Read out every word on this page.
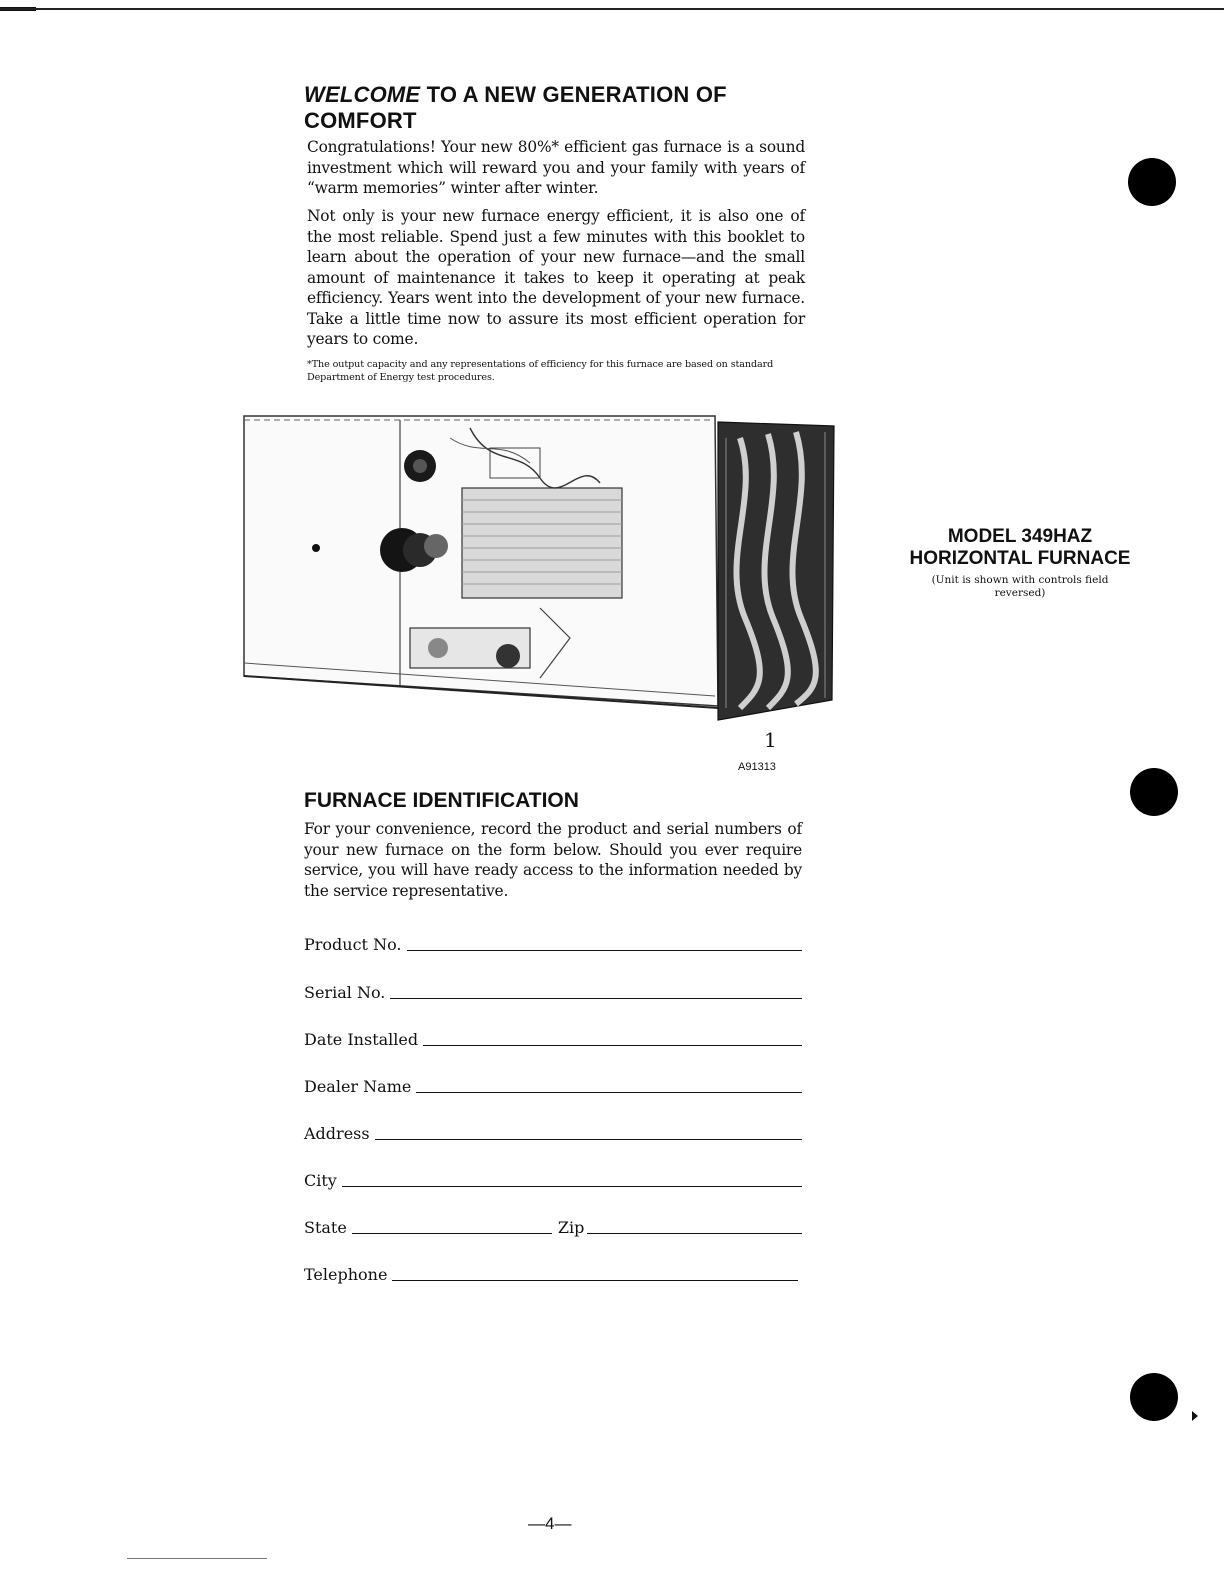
WELCOME TO A NEW GENERATION OF COMFORT

Congratulations! Your new 80%* efficient gas furnace is a sound investment which will reward you and your family with years of “warm memories” winter after winter.

Not only is your new furnace energy efficient, it is also one of the most reliable. Spend just a few minutes with this booklet to learn about the operation of your new furnace—and the small amount of maintenance it takes to keep it operating at peak efficiency. Years went into the development of your new furnace. Take a little time now to assure its most efficient operation for years to come.

*The output capacity and any representations of efficiency for this furnace are based on standard Department of Energy test procedures.

1

A91313

MODEL 349HAZ

HORIZONTAL FURNACE

(Unit is shown with controls field reversed)

FURNACE IDENTIFICATION

For your convenience, record the product and serial numbers of your new furnace on the form below. Should you ever require service, you will have ready access to the information needed by the service representative.

Product No.
Serial No.
Date Installed
Dealer Name
Address
City
State	Zip
Telephone

—4—
